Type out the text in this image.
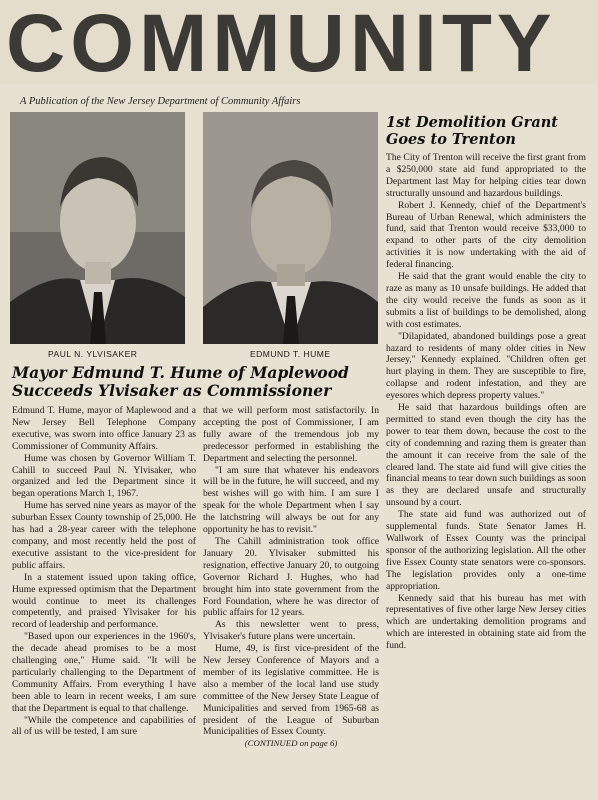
COMMUNITY
A Publication of the New Jersey Department of Community Affairs
PAUL N. YLVISAKER	EDMUND T. HUME
Mayor Edmund T. Hume of Maplewood Succeeds Ylvisaker as Commissioner

Edmund T. Hume, mayor of Maplewood and a New Jersey Bell Telephone Company executive, was sworn into office January 23 as Commissioner of Community Affairs.

Hume was chosen by Governor William T. Cahill to succeed Paul N. Ylvisaker, who organized and led the Department since it began operations March 1, 1967.

Hume has served nine years as mayor of the suburban Essex County township of 25,000. He has had a 28-year career with the telephone company, and most recently held the post of executive assistant to the vice-president for public affairs.

In a statement issued upon taking office, Hume expressed optimism that the Department would continue to meet its challenges competently, and praised Ylvisaker for his record of leadership and performance.

"Based upon our experiences in the 1960's, the decade ahead promises to be a most challenging one," Hume said. "It will be particularly challenging to the Department of Community Affairs. From everything I have been able to learn in recent weeks, I am sure that the Department is equal to that challenge.

"While the competence and capabilities of all of us will be tested, I am sure

that we will perform most satisfactorily. In accepting the post of Commissioner, I am fully aware of the tremendous job my predecessor performed in establishing the Department and selecting the personnel.

"I am sure that whatever his endeavors will be in the future, he will succeed, and my best wishes will go with him. I am sure I speak for the whole Department when I say the latchstring will always be out for any opportunity he has to revisit."

The Cahill administration took office January 20. Ylvisaker submitted his resignation, effective January 20, to outgoing Governor Richard J. Hughes, who had brought him into state government from the Ford Foundation, where he was director of public affairs for 12 years.

As this newsletter went to press, Ylvisaker's future plans were uncertain.

Hume, 49, is first vice-president of the New Jersey Conference of Mayors and a member of its legislative committee. He is also a member of the local land use study committee of the New Jersey State League of Municipalities and served from 1965-68 as president of the League of Suburban Municipalities of Essex County.

(CONTINUED on page 6)

1st Demolition Grant Goes to Trenton

The City of Trenton will receive the first grant from a $250,000 state aid fund appropriated to the Department last May for helping cities tear down structurally unsound and hazardous buildings.

Robert J. Kennedy, chief of the Department's Bureau of Urban Renewal, which administers the fund, said that Trenton would receive $33,000 to expand to other parts of the city demolition activities it is now undertaking with the aid of federal financing.

He said that the grant would enable the city to raze as many as 10 unsafe buildings. He added that the city would receive the funds as soon as it submits a list of buildings to be demolished, along with cost estimates.

"Dilapidated, abandoned buildings pose a great hazard to residents of many older cities in New Jersey," Kennedy explained. "Children often get hurt playing in them. They are susceptible to fire, collapse and rodent infestation, and they are eyesores which depress property values."

He said that hazardous buildings often are permitted to stand even though the city has the power to tear them down, because the cost to the city of condemning and razing them is greater than the amount it can receive from the sale of the cleared land. The state aid fund will give cities the financial means to tear down such buildings as soon as they are declared unsafe and structurally unsound by a court.

The state aid fund was authorized out of supplemental funds. State Senator James H. Wallwork of Essex County was the principal sponsor of the authorizing legislation. All the other five Essex County state senators were co-sponsors. The legislation provides only a one-time appropriation.

Kennedy said that his bureau has met with representatives of five other large New Jersey cities which are undertaking demolition programs and which are interested in obtaining state aid from the fund.
